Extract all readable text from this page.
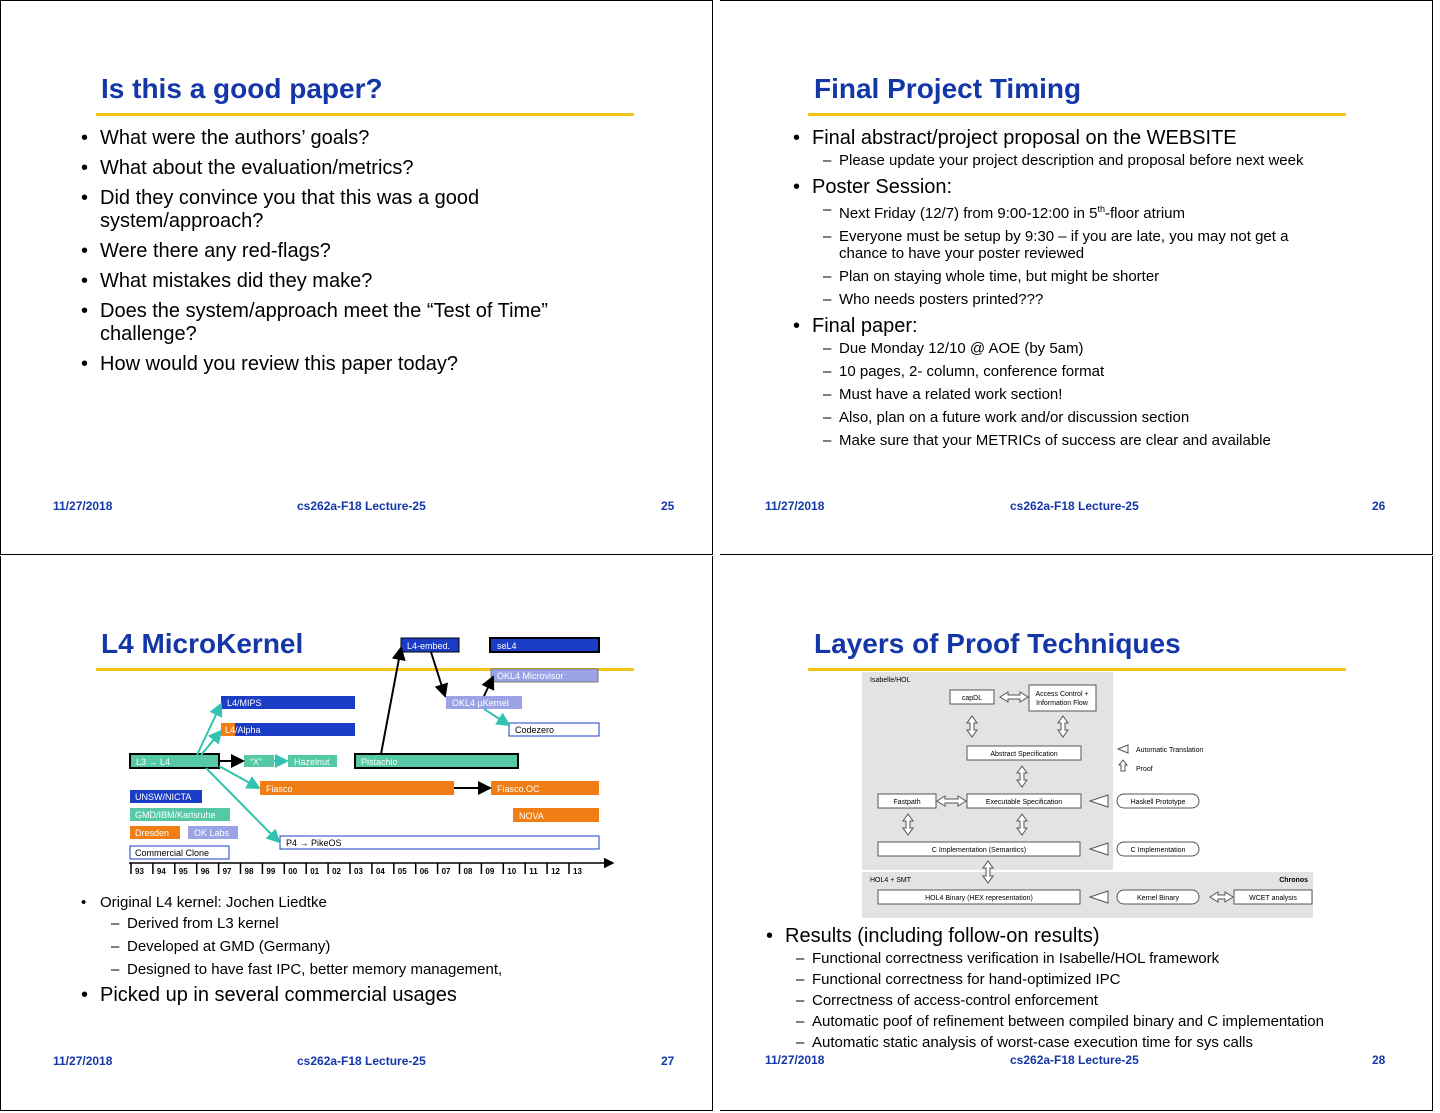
Is this a good paper?
• What were the authors’ goals?
• What about the evaluation/metrics?
• Did they convince you that this was a good system/approach?
• Were there any red-flags?
• What mistakes did they make?
• Does the system/approach meet the “Test of Time” challenge?
• How would you review this paper today?
11/27/2018	cs262a-F18 Lecture-25	25
Final Project Timing
• Final abstract/project proposal on the WEBSITE
– Please update your project description and proposal before next week
• Poster Session:
– Next Friday (12/7) from 9:00-12:00 in 5th-floor atrium
– Everyone must be setup by 9:30 – if you are late, you may not get a chance to have your poster reviewed
– Plan on staying whole time, but might be shorter
– Who needs posters printed???
• Final paper:
– Due Monday 12/10 @ AOE (by 5am)
– 10 pages, 2- column, conference format
– Must have a related work section!
– Also, plan on a future work and/or discussion section
– Make sure that your METRICs of success are clear and available
11/27/2018	cs262a-F18 Lecture-25	26
L4 MicroKernel	L4-embed.	seL4
OKL4 Microvisor
L4/MIPS	OKL4 µKernel
L4/Alpha	Codezero
L3 → L4	“X”	Hazelnut	Pistachio
Fiasco	Fiasco.OC
UNSW/NICTA
GMD/IBM/Karlsruhe	NOVA
Dresden	OK Labs
P4 → PikeOS
Commercial Clone
93 94 95 96 97 98 99 00 01 02 03 04 05 06 07 08 09 10 11 12 13
• Original L4 kernel: Jochen Liedtke
– Derived from L3 kernel
– Developed at GMD (Germany)
– Designed to have fast IPC, better memory management,
• Picked up in several commercial usages
11/27/2018	cs262a-F18 Lecture-25	27
Layers of Proof Techniques
Isabelle/HOL
capDL
Access Control +
Information Flow
Abstract Specification
Fastpath	Executable Specification	Haskell Prototype
C Implementation (Semantics)	C Implementation
HOL4 + SMT	Chronos
HOL4 Binary (HEX representation)	Kernel Binary	WCET analysis
Automatic Translation
Proof
• Results (including follow-on results)
– Functional correctness verification in Isabelle/HOL framework
– Functional correctness for hand-optimized IPC
– Correctness of access-control enforcement
– Automatic poof of refinement between compiled binary and C implementation
– Automatic static analysis of worst-case execution time for sys calls
11/27/2018	cs262a-F18 Lecture-25	28
